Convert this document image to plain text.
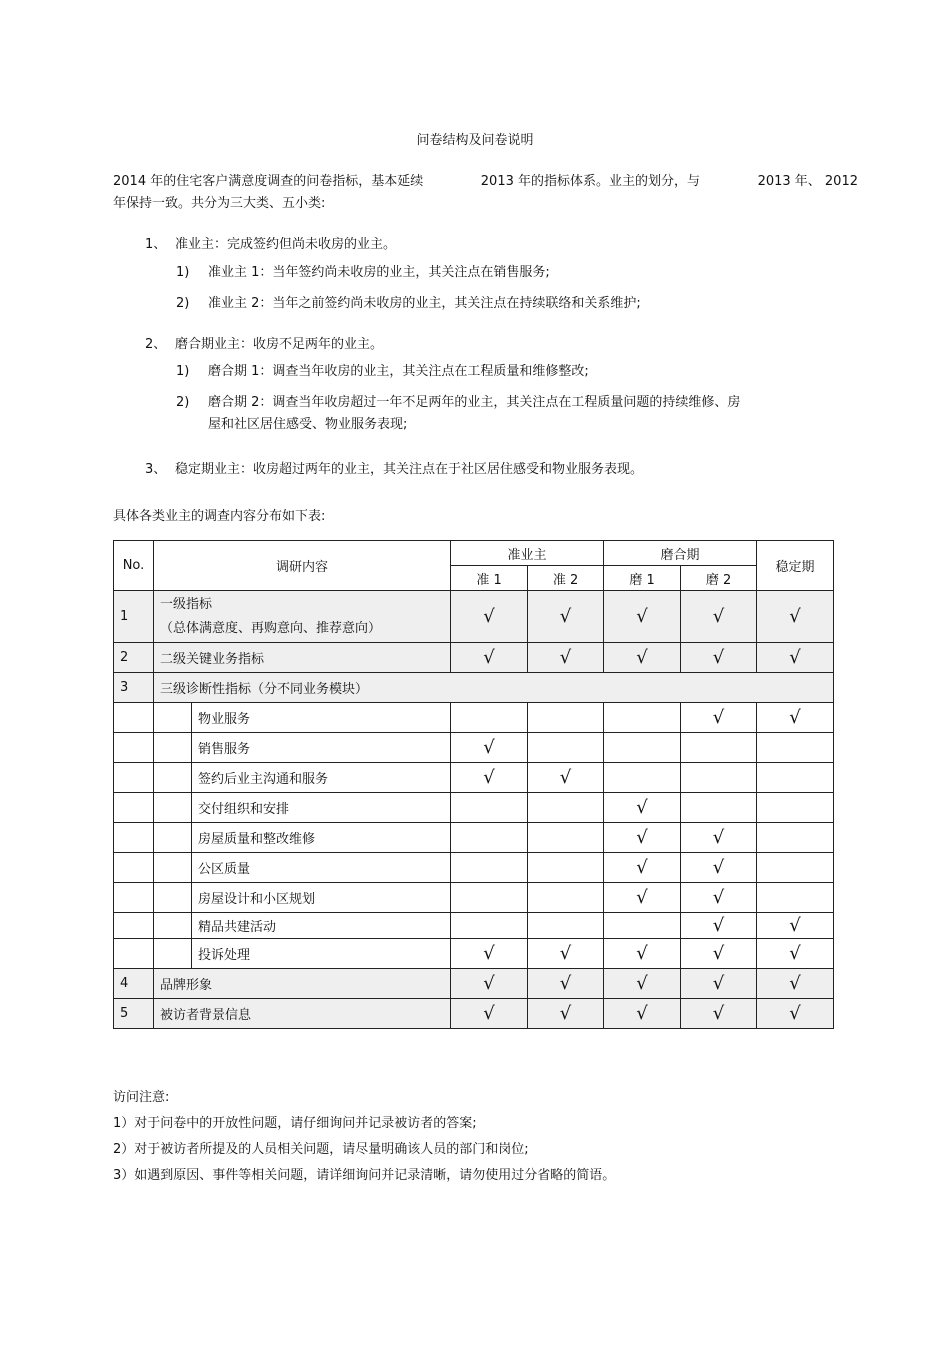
问卷结构及问卷说明
2014 年的住宅客户满意度调查的问卷指标，基本延续	2013 年的指标体系。业主的划分，与	2013 年、 2012
年保持一致。共分为三大类、五小类:
1、 准业主：完成签约但尚未收房的业主。
1) 准业主 1：当年签约尚未收房的业主，其关注点在销售服务;
2) 准业主 2：当年之前签约尚未收房的业主，其关注点在持续联络和关系维护;
2、 磨合期业主：收房不足两年的业主。
1) 磨合期 1：调查当年收房的业主，其关注点在工程质量和维修整改;
2) 磨合期 2：调查当年收房超过一年不足两年的业主，其关注点在工程质量问题的持续维修、房
屋和社区居住感受、物业服务表现;
3、 稳定期业主：收房超过两年的业主，其关注点在于社区居住感受和物业服务表现。
具体各类业主的调查内容分布如下表:
No.	调研内容		准业主		磨合期		稳定期
			准 1	准 2	磨 1	磨 2	
1	一级指标
（总体满意度、再购意向、推荐意向）		√	√	√	√	√
2	二级关键业务指标		√	√	√	√	√
3	三级诊断性指标（分不同业务模块）						
		物业服务				√	√
		销售服务	√				
		签约后业主沟通和服务	√	√			
		交付组织和安排			√		
		房屋质量和整改维修			√	√	
		公区质量			√	√	
		房屋设计和小区规划			√	√	
		精品共建活动				√	√
		投诉处理	√	√	√	√	√
4	品牌形象		√	√	√	√	√
5	被访者背景信息		√	√	√	√	√
访问注意:
1）对于问卷中的开放性问题，请仔细询问并记录被访者的答案;
2）对于被访者所提及的人员相关问题，请尽量明确该人员的部门和岗位;
3）如遇到原因、事件等相关问题，请详细询问并记录清晰，请勿使用过分省略的简语。
